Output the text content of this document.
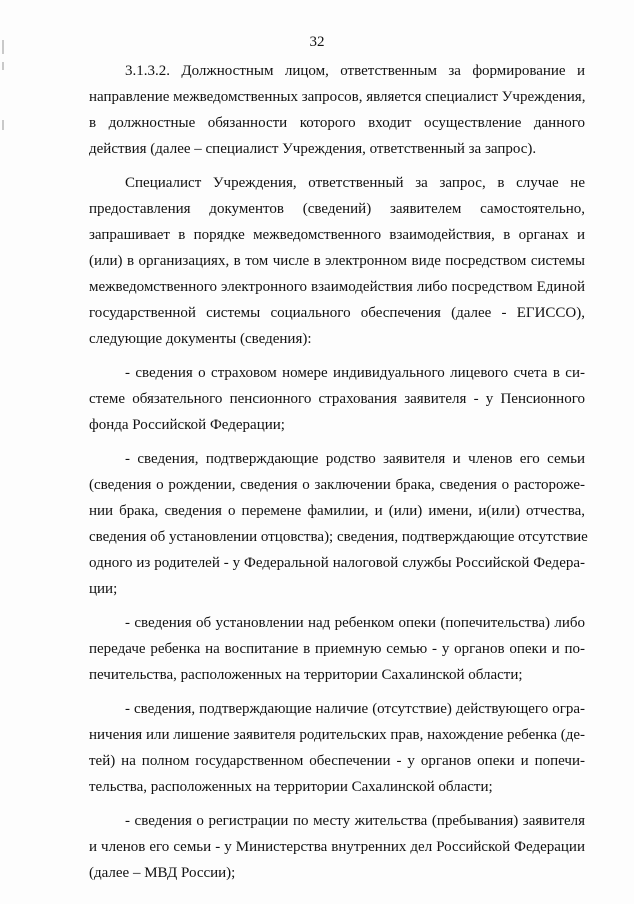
32
3.1.3.2. Должностным лицом, ответственным за формирование и
направление межведомственных запросов, является специалист Учреждения,
в должностные обязанности которого входит осуществление данного
действия (далее – специалист Учреждения, ответственный за запрос).
Специалист Учреждения, ответственный за запрос, в случае не
предоставления документов (сведений) заявителем самостоятельно,
запрашивает в порядке межведомственного взаимодействия, в органах и
(или) в организациях, в том числе в электронном виде посредством системы
межведомственного электронного взаимодействия либо посредством Единой
государственной системы социального обеспечения (далее - ЕГИССО),
следующие документы (сведения):
- сведения о страховом номере индивидуального лицевого счета в си-
стеме обязательного пенсионного страхования заявителя - у Пенсионного
фонда Российской Федерации;
- сведения, подтверждающие родство заявителя и членов его семьи
(сведения о рождении, сведения о заключении брака, сведения о растороже-
нии брака, сведения о перемене фамилии, и (или) имени, и(или) отчества,
сведения об установлении отцовства); сведения, подтверждающие отсутствие
одного из родителей - у Федеральной налоговой службы Российской Федера-
ции;
- сведения об установлении над ребенком опеки (попечительства) либо
передаче ребенка на воспитание в приемную семью - у органов опеки и по-
печительства, расположенных на территории Сахалинской области;
- сведения, подтверждающие наличие (отсутствие) действующего огра-
ничения или лишение заявителя родительских прав, нахождение ребенка (де-
тей) на полном государственном обеспечении - у органов опеки и попечи-
тельства, расположенных на территории Сахалинской области;
- сведения о регистрации по месту жительства (пребывания) заявителя
и членов его семьи - у Министерства внутренних дел Российской Федерации
(далее – МВД России);
